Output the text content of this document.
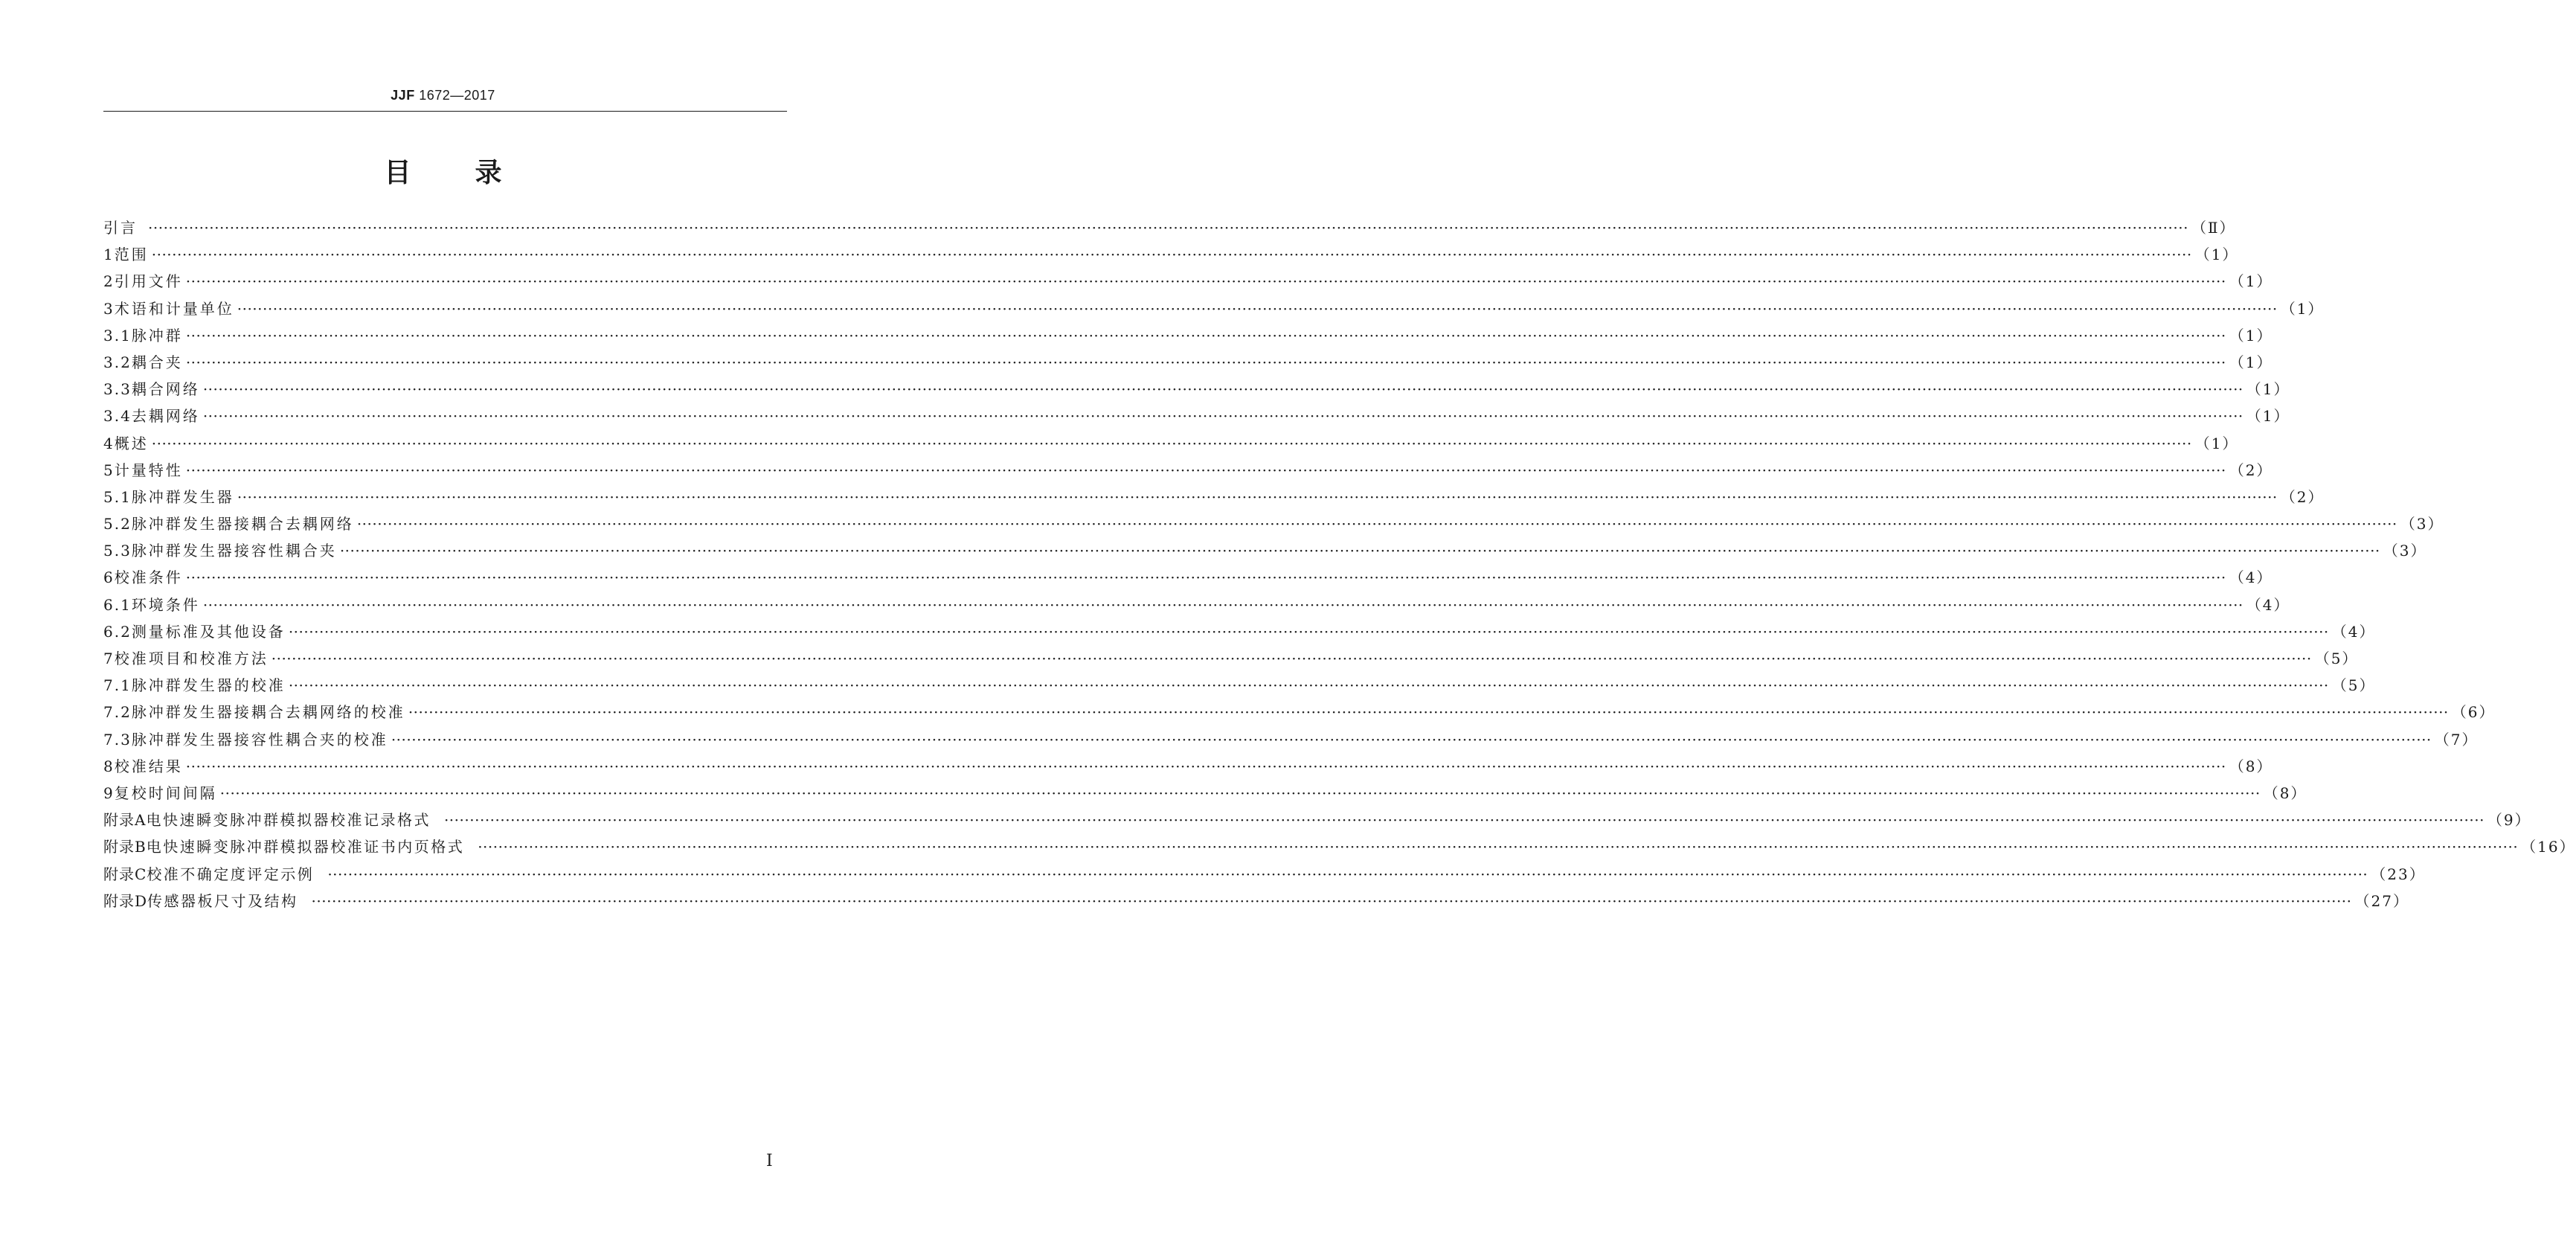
JJF 1672—2017
目录
引言 ················································································································································································································································································································································································································ （Ⅱ）
1 范围 ················································································································································································································································································································································································································ （1）
2 引用文件 ················································································································································································································································································································································································································ （1）
3 术语和计量单位 ················································································································································································································································································································································································································ （1）
3.1 脉冲群 ················································································································································································································································································································································································································ （1）
3.2 耦合夹 ················································································································································································································································································································································································································ （1）
3.3 耦合网络 ················································································································································································································································································································································································································ （1）
3.4 去耦网络 ················································································································································································································································································································································································································ （1）
4 概述 ················································································································································································································································································································································································································ （1）
5 计量特性 ················································································································································································································································································································································································································ （2）
5.1 脉冲群发生器 ················································································································································································································································································································································································································ （2）
5.2 脉冲群发生器接耦合去耦网络 ················································································································································································································································································································································································································ （3）
5.3 脉冲群发生器接容性耦合夹 ················································································································································································································································································································································································································ （3）
6 校准条件 ················································································································································································································································································································································································································ （4）
6.1 环境条件 ················································································································································································································································································································································································································ （4）
6.2 测量标准及其他设备 ················································································································································································································································································································································································································ （4）
7 校准项目和校准方法 ················································································································································································································································································································································································································ （5）
7.1 脉冲群发生器的校准 ················································································································································································································································································································································································································ （5）
7.2 脉冲群发生器接耦合去耦网络的校准 ················································································································································································································································································································································································································ （6）
7.3 脉冲群发生器接容性耦合夹的校准 ················································································································································································································································································································································································································ （7）
8 校准结果 ················································································································································································································································································································································································································ （8）
9 复校时间间隔 ················································································································································································································································································································································································································ （8）
附录A 电快速瞬变脉冲群模拟器校准记录格式 ················································································································································································································································································································································································································ （9）
附录B 电快速瞬变脉冲群模拟器校准证书内页格式 ················································································································································································································································································································································································································ （16）
附录C 校准不确定度评定示例 ················································································································································································································································································································································································································ （23）
附录D 传感器板尺寸及结构 ················································································································································································································································································································································································································ （27）
Ⅰ
